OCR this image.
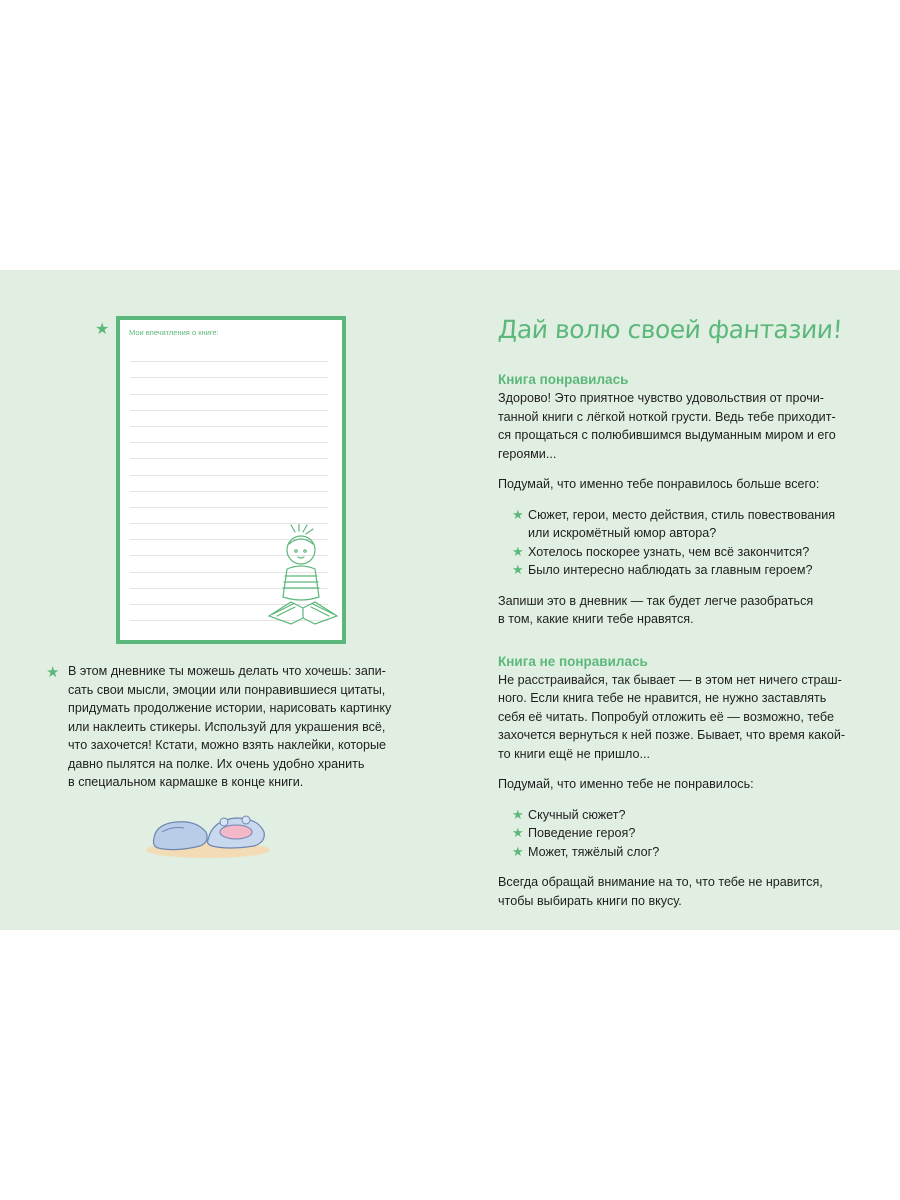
★	Мои впечатления о книге:
★ В этом дневнике ты можешь делать что хочешь: запи-
сать свои мысли, эмоции или понравившиеся цитаты,
придумать продолжение истории, нарисовать картинку
или наклеить стикеры. Используй для украшения всё,
что захочется! Кстати, можно взять наклейки, которые
давно пылятся на полке. Их очень удобно хранить
в специальном кармашке в конце книги.
Дай волю своей фантазии!
Книга понравилась
Здорово! Это приятное чувство удовольствия от прочи-
танной книги с лёгкой ноткой грусти. Ведь тебе приходит-
ся прощаться с полюбившимся выдуманным миром и его
героями...
Подумай, что именно тебе понравилось больше всего:
★ Сюжет, герои, место действия, стиль повествования
или искромётный юмор автора?
★ Хотелось поскорее узнать, чем всё закончится?
★ Было интересно наблюдать за главным героем?
Запиши это в дневник — так будет легче разобраться
в том, какие книги тебе нравятся.
Книга не понравилась
Не расстраивайся, так бывает — в этом нет ничего страш-
ного. Если книга тебе не нравится, не нужно заставлять
себя её читать. Попробуй отложить её — возможно, тебе
захочется вернуться к ней позже. Бывает, что время какой-
то книги ещё не пришло...
Подумай, что именно тебе не понравилось:
★ Скучный сюжет?
★ Поведение героя?
★ Может, тяжёлый слог?
Всегда обращай внимание на то, что тебе не нравится,
чтобы выбирать книги по вкусу.
